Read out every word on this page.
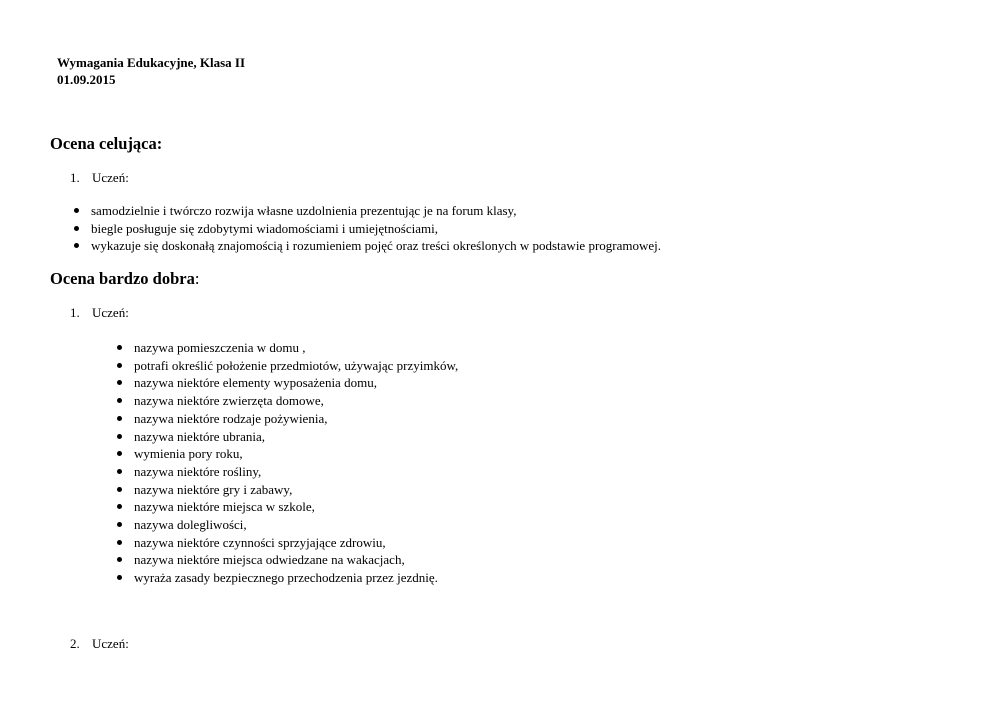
Wymagania Edukacyjne, Klasa II
01.09.2015
Ocena celująca:
1. Uczeń:
samodzielnie i twórczo rozwija własne uzdolnienia prezentując je na forum klasy,
biegle posługuje się zdobytymi wiadomościami i umiejętnościami,
wykazuje się doskonałą znajomością i rozumieniem pojęć oraz treści określonych w podstawie programowej.
Ocena bardzo dobra:
1. Uczeń:
nazywa pomieszczenia w domu ,
potrafi określić położenie przedmiotów, używając przyimków,
nazywa niektóre elementy wyposażenia domu,
nazywa niektóre zwierzęta domowe,
nazywa niektóre rodzaje pożywienia,
nazywa niektóre ubrania,
wymienia pory roku,
nazywa niektóre rośliny,
nazywa niektóre gry i zabawy,
nazywa niektóre miejsca w szkole,
nazywa dolegliwości,
nazywa niektóre czynności sprzyjające zdrowiu,
nazywa niektóre miejsca odwiedzane na wakacjach,
wyraża zasady bezpiecznego przechodzenia przez jezdnię.
2. Uczeń:
